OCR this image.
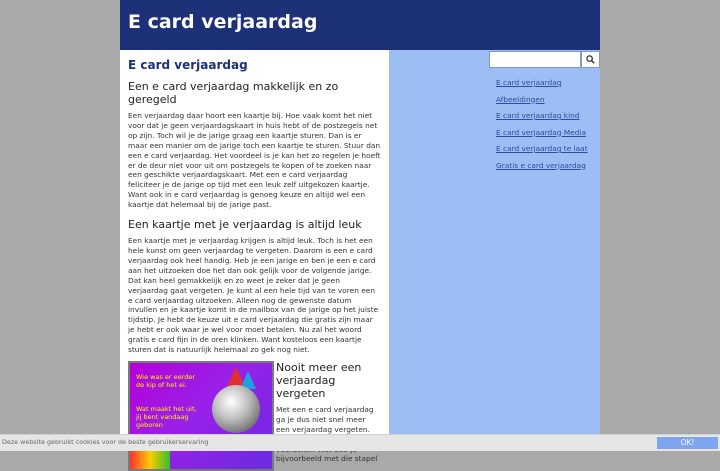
E card verjaardag
E card verjaardag
Een e card verjaardag makkelijk en zo geregeld

Een verjaardag daar hoort een kaartje bij. Hoe vaak komt het niet voor dat je geen verjaardagskaart in huis hebt of de postzegels net op zijn. Toch wil je de jarige graag een kaartje sturen. Dan is er maar een manier om de jarige toch een kaartje te sturen. Stuur dan een e card verjaardag. Het voordeel is je kan het zo regelen je hoeft er de deur niet voor uit om postzegels te kopen of te zoeken naar een geschikte verjaardagskaart. Met een e card verjaardag feliciteer je de jarige op tijd met een leuk zelf uitgekozen kaartje. Want ook in e card verjaardag is genoeg keuze en altijd wel een kaartje dat helemaal bij de jarige past.

Een kaartje met je verjaardag is altijd leuk

Een kaartje met je verjaardag krijgen is altijd leuk. Toch is het een hele kunst om geen verjaardag te vergeten. Daarom is een e card verjaardag ook heel handig. Heb je een jarige en ben je een e card aan het uitzoeken doe het dan ook gelijk voor de volgende jarige. Dat kan heel gemakkelijk en zo weet je zeker dat je geen verjaardag gaat vergeten. Je kunt al een hele tijd van te voren een e card verjaardag uitzoeken. Alleen nog de gewenste datum invullen en je kaartje komt in de mailbox van de jarige op het juiste tijdstip. Je hebt de keuze uit e card verjaardag die gratis zijn maar je hebt er ook waar je wel voor moet betalen. Nu zal het woord gratis e card fijn in de oren klinken. Want kosteloos een kaartje sturen dat is natuurlijk helemaal zo gek nog niet.

Wie was er eerder de kip of het ei.
Wat maakt het uit, jij bent vandaag geboren
Nooit meer een verjaardag vergeten

Met een e card verjaardag ga je dus niet snel meer een verjaardag vergeten. bijvoorbeeld met die stapel

E card verjaardag
Afbeeldingen
E card verjaardag kind
E card verjaardag Media
E card verjaardag te laat
Gratis e card verjaardag
Deze website gebruikt cookies voor de beste gebruikerservaring	OK!
